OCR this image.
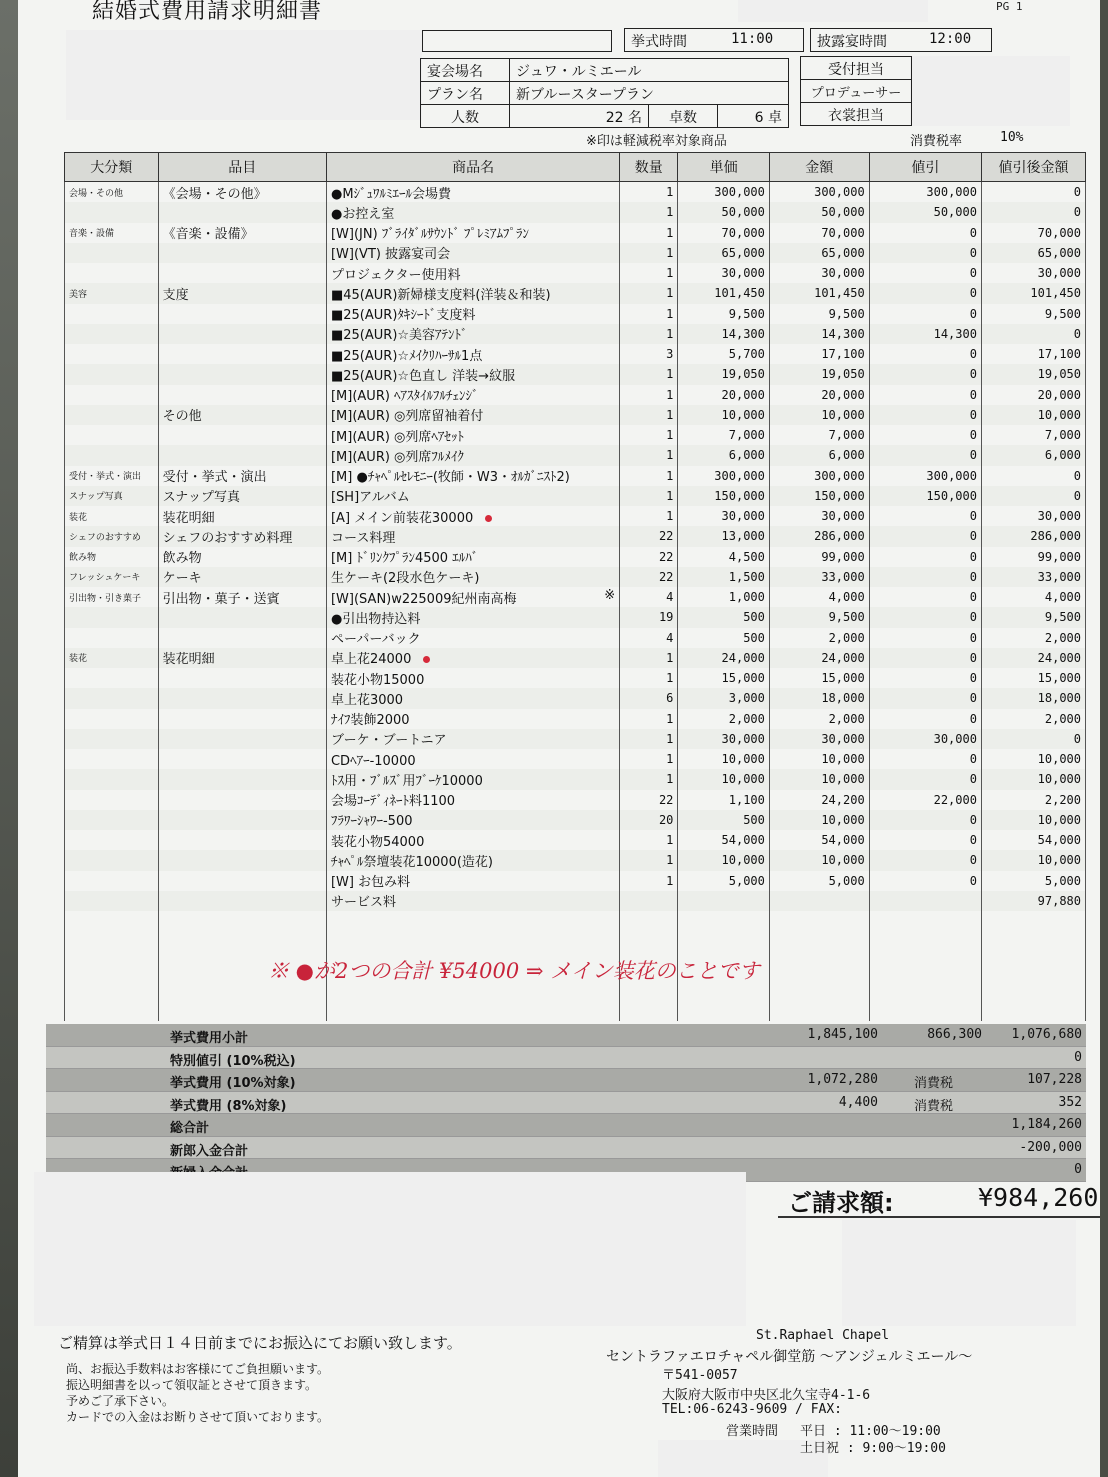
結婚式費用請求明細書	PG 1
挙式時間	11:00	披露宴時間	12:00
宴会場名	ジュワ・ルミエール
プラン名	新ブルースタープラン
人数	22 名	卓数	6 卓
受付担当
プロデューサー
衣裳担当
※印は軽減税率対象商品	消費税率	10%
大分類	品目	商品名	数量	単価	金額	値引	値引後金額
会場・その他	《会場・その他》	●Mｼﾞｭﾜﾙﾐｴｰﾙ会場費	1	300,000	300,000	300,000	0
		●お控え室	1	50,000	50,000	50,000	0
音楽・設備	《音楽・設備》	[W](JN) ﾌﾞﾗｲﾀﾞﾙｻｳﾝﾄﾞ ﾌﾟﾚﾐｱﾑﾌﾟﾗﾝ	1	70,000	70,000	0	70,000
		[W](VT) 披露宴司会	1	65,000	65,000	0	65,000
		プロジェクター使用料	1	30,000	30,000	0	30,000
美容	支度	■45(AUR)新婦様支度料(洋装＆和装)	1	101,450	101,450	0	101,450
		■25(AUR)ﾀｷｼｰﾄﾞ支度料	1	9,500	9,500	0	9,500
		■25(AUR)☆美容ｱﾃﾝﾄﾞ	1	14,300	14,300	14,300	0
		■25(AUR)☆ﾒｲｸﾘﾊｰｻﾙ1点	3	5,700	17,100	0	17,100
		■25(AUR)☆色直し 洋装→紋服	1	19,050	19,050	0	19,050
		[M](AUR) ﾍｱｽﾀｲﾙﾌﾙﾁｪﾝｼﾞ	1	20,000	20,000	0	20,000
	その他	[M](AUR) ◎列席留袖着付	1	10,000	10,000	0	10,000
		[M](AUR) ◎列席ﾍｱｾｯﾄ	1	7,000	7,000	0	7,000
		[M](AUR) ◎列席ﾌﾙﾒｲｸ	1	6,000	6,000	0	6,000
受付・挙式・演出	受付・挙式・演出	[M] ●ﾁｬﾍﾟﾙｾﾚﾓﾆｰ(牧師・W3・ｵﾙｶﾞﾆｽﾄ2)	1	300,000	300,000	300,000	0
スナップ写真	スナップ写真	[SH]アルバム	1	150,000	150,000	150,000	0
装花	装花明細	[A] メイン前装花30000	1	30,000	30,000	0	30,000
シェフのおすすめ	シェフのおすすめ料理	コース料理	22	13,000	286,000	0	286,000
飲み物	飲み物	[M] ﾄﾞﾘﾝｸﾌﾟﾗﾝ4500 ｴﾙﾊﾞ	22	4,500	99,000	0	99,000
フレッシュケーキ	ケーキ	生ケーキ(2段水色ケーキ)	22	1,500	33,000	0	33,000
引出物・引き菓子	引出物・菓子・送賓	[W](SAN)w225009紀州南高梅 ※	4	1,000	4,000	0	4,000
		●引出物持込料	19	500	9,500	0	9,500
		ペーパーバック	4	500	2,000	0	2,000
装花	装花明細	卓上花24000	1	24,000	24,000	0	24,000
		装花小物15000	1	15,000	15,000	0	15,000
		卓上花3000	6	3,000	18,000	0	18,000
		ﾅｲﾌ装飾2000	1	2,000	2,000	0	2,000
		ブーケ・ブートニア	1	30,000	30,000	30,000	0
		CDﾍｱｰ-10000	1	10,000	10,000	0	10,000
		ﾄｽ用・ﾌﾞﾙｽﾞ用ﾌﾞｰｹ10000	1	10,000	10,000	0	10,000
		会場ｺｰﾃﾞｨﾈｰﾄ料1100	22	1,100	24,200	22,000	2,200
		ﾌﾗﾜｰｼｬﾜｰ-500	20	500	10,000	0	10,000
		装花小物54000	1	54,000	54,000	0	54,000
		ﾁｬﾍﾟﾙ祭壇装花10000(造花)	1	10,000	10,000	0	10,000
		[W] お包み料	1	5,000	5,000	0	5,000
		サービス料					97,880

※ ●が2つの合計 ¥54000 ⇒ メイン装花のことです
挙式費用小計	1,845,100	866,300 1,076,680
特別値引 (10%税込)	0
挙式費用 (10%対象)	1,072,280	消費税	107,228
挙式費用 (8%対象)	4,400	消費税	352
総合計	1,184,260
新郎入金合計	-200,000
0
ご請求額:	¥984,260
ご精算は挙式日１４日前までにお振込にてお願い致します。
尚、お振込手数料はお客様にてご負担願います。
振込明細書を以って領収証とさせて頂きます。
予めご了承下さい。
カードでの入金はお断りさせて頂いております。
St.Raphael Chapel
セントラファエロチャペル御堂筋 〜アンジェルミエール〜
〒541-0057
大阪府大阪市中央区北久宝寺4-1-6
TEL:06-6243-9609 / FAX:
営業時間 平日 : 11:00〜19:00
土日祝 : 9:00〜19:00
